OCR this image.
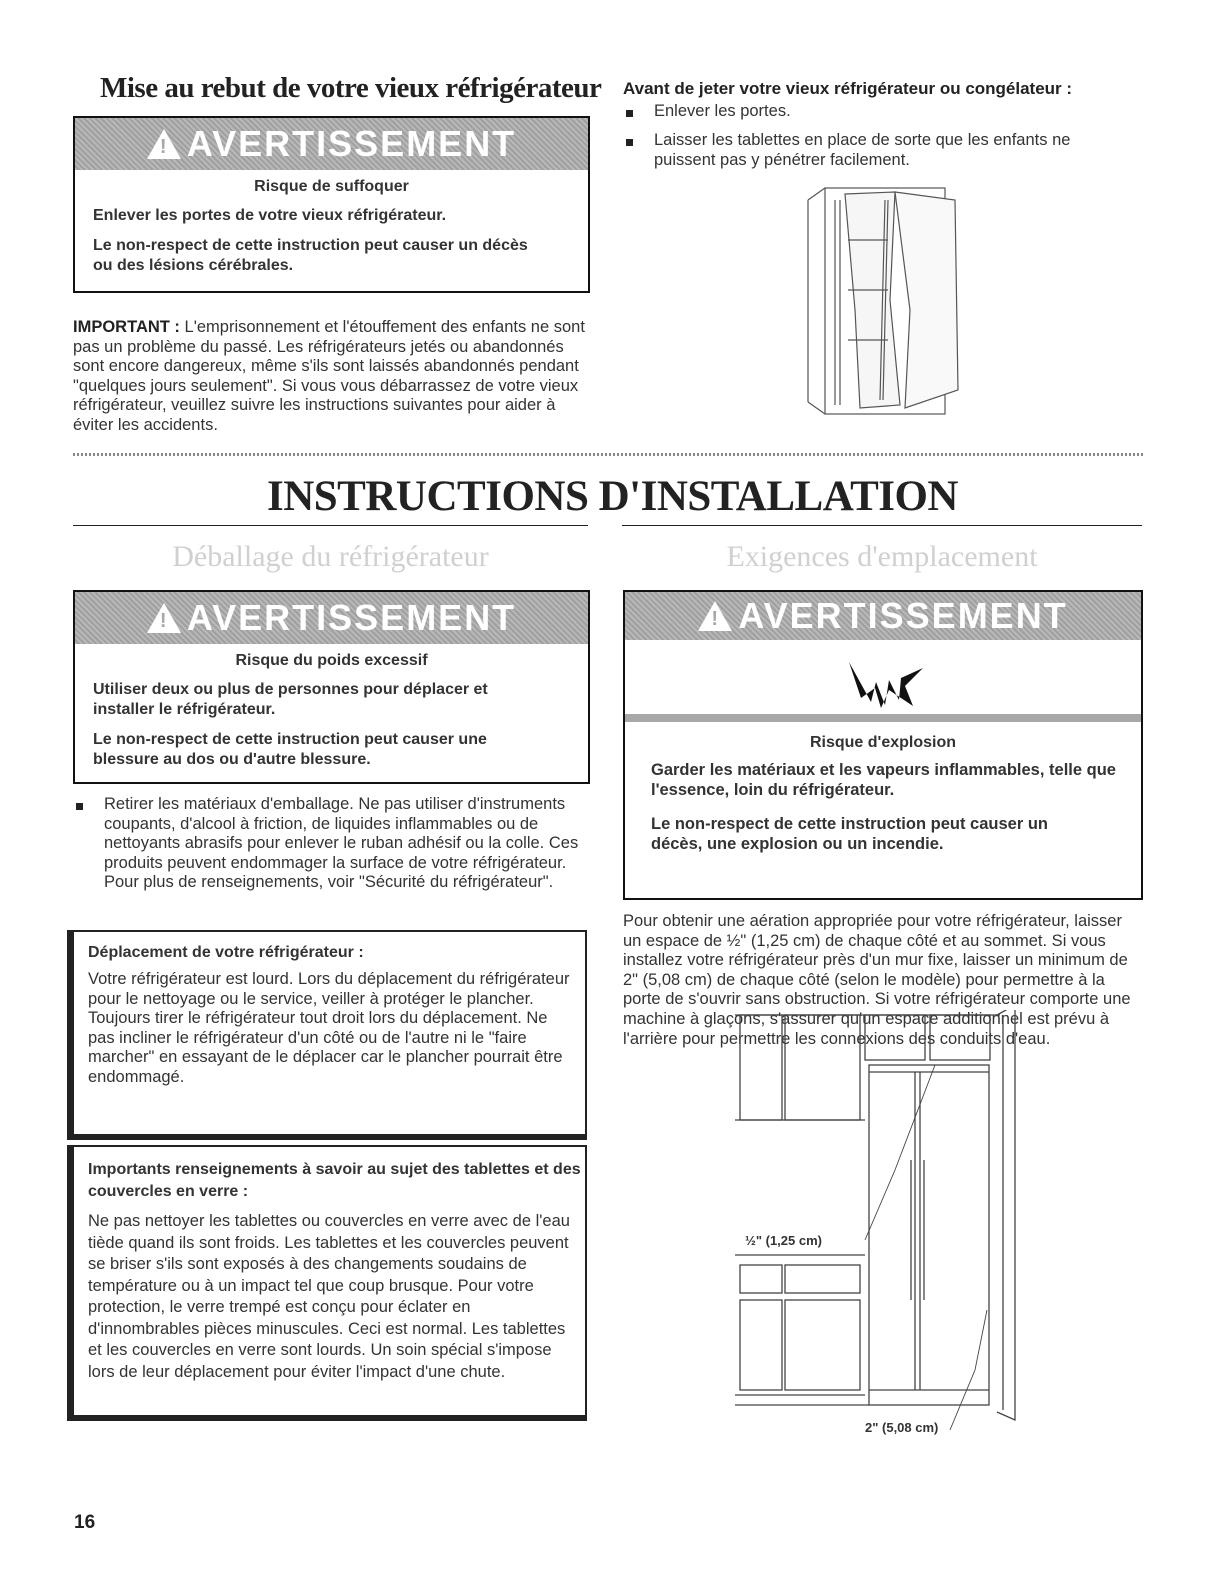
Mise au rebut de votre vieux réfrigérateur
!
AVERTISSEMENT
Risque de suffoquer
Enlever les portes de votre vieux réfrigérateur.
Le non-respect de cette instruction peut causer un décès ou des lésions cérébrales.
IMPORTANT : L'emprisonnement et l'étouffement des enfants ne sont pas un problème du passé. Les réfrigérateurs jetés ou abandonnés sont encore dangereux, même s'ils sont laissés abandonnés pendant "quelques jours seulement". Si vous vous débarrassez de votre vieux réfrigérateur, veuillez suivre les instructions suivantes pour aider à éviter les accidents.
Avant de jeter votre vieux réfrigérateur ou congélateur :
Enlever les portes.
Laisser les tablettes en place de sorte que les enfants ne puissent pas y pénétrer facilement.
INSTRUCTIONS D'INSTALLATION
Déballage du réfrigérateur	Exigences d'emplacement
!
AVERTISSEMENT
Risque du poids excessif
Utiliser deux ou plus de personnes pour déplacer et installer le réfrigérateur.
Le non-respect de cette instruction peut causer une blessure au dos ou d'autre blessure.
Retirer les matériaux d'emballage. Ne pas utiliser d'instruments coupants, d'alcool à friction, de liquides inflammables ou de nettoyants abrasifs pour enlever le ruban adhésif ou la colle. Ces produits peuvent endommager la surface de votre réfrigérateur. Pour plus de renseignements, voir "Sécurité du réfrigérateur".
Déplacement de votre réfrigérateur :
Votre réfrigérateur est lourd. Lors du déplacement du réfrigérateur pour le nettoyage ou le service, veiller à protéger le plancher. Toujours tirer le réfrigérateur tout droit lors du déplacement. Ne pas incliner le réfrigérateur d'un côté ou de l'autre ni le "faire marcher" en essayant de le déplacer car le plancher pourrait être endommagé.
Importants renseignements à savoir au sujet des tablettes et des couvercles en verre :
Ne pas nettoyer les tablettes ou couvercles en verre avec de l'eau tiède quand ils sont froids. Les tablettes et les couvercles peuvent se briser s'ils sont exposés à des changements soudains de température ou à un impact tel que coup brusque. Pour votre protection, le verre trempé est conçu pour éclater en d'innombrables pièces minuscules. Ceci est normal. Les tablettes et les couvercles en verre sont lourds. Un soin spécial s'impose lors de leur déplacement pour éviter l'impact d'une chute.
!
AVERTISSEMENT
Risque d'explosion
Garder les matériaux et les vapeurs inflammables, telle que l'essence, loin du réfrigérateur.
Le non-respect de cette instruction peut causer un décès, une explosion ou un incendie.
Pour obtenir une aération appropriée pour votre réfrigérateur, laisser un espace de ½" (1,25 cm) de chaque côté et au sommet. Si vous installez votre réfrigérateur près d'un mur fixe, laisser un minimum de 2" (5,08 cm) de chaque côté (selon le modèle) pour permettre à la porte de s'ouvrir sans obstruction. Si votre réfrigérateur comporte une machine à glaçons, s'assurer qu'un espace additionnel est prévu à l'arrière pour permettre les connexions des conduits d'eau.
½" (1,25 cm)
2" (5,08 cm)
16
